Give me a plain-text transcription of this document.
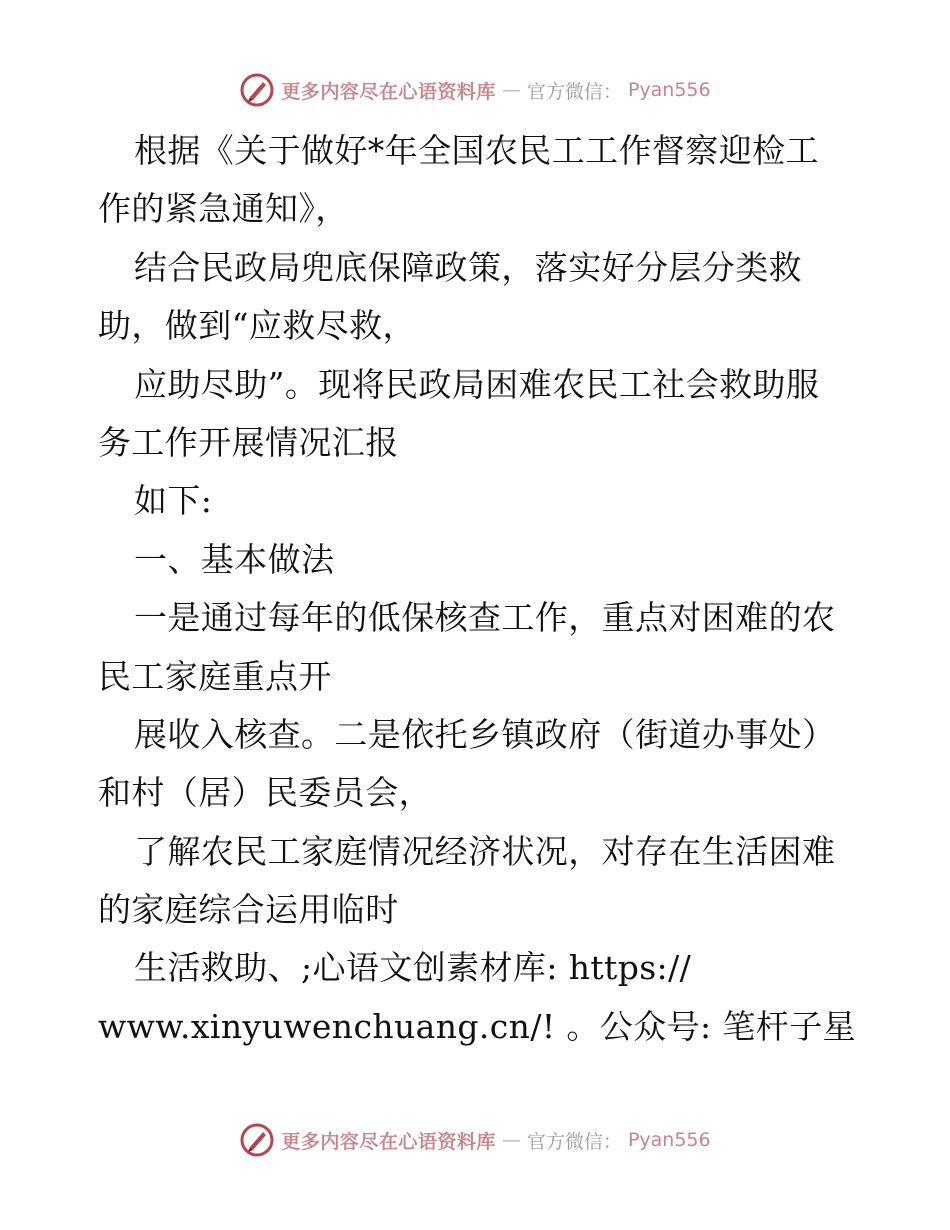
更多内容尽在心语资料库 — 官方微信： Pyan556
根据《关于做好*年全国农民工工作督察迎检工
作的紧急通知》，
结合民政局兜底保障政策，落实好分层分类救
助，做到“应救尽救，
应助尽助”。现将民政局困难农民工社会救助服
务工作开展情况汇报
如下:
一、基本做法
一是通过每年的低保核查工作，重点对困难的农
民工家庭重点开
展收入核查。二是依托乡镇政府（街道办事处）
和村（居）民委员会，
了解农民工家庭情况经济状况，对存在生活困难
的家庭综合运用临时
生活救助、;心语文创素材库: https://
www.xinyuwenchuang.cn/! 。公众号: 笔杆子星
更多内容尽在心语资料库 — 官方微信： Pyan556
